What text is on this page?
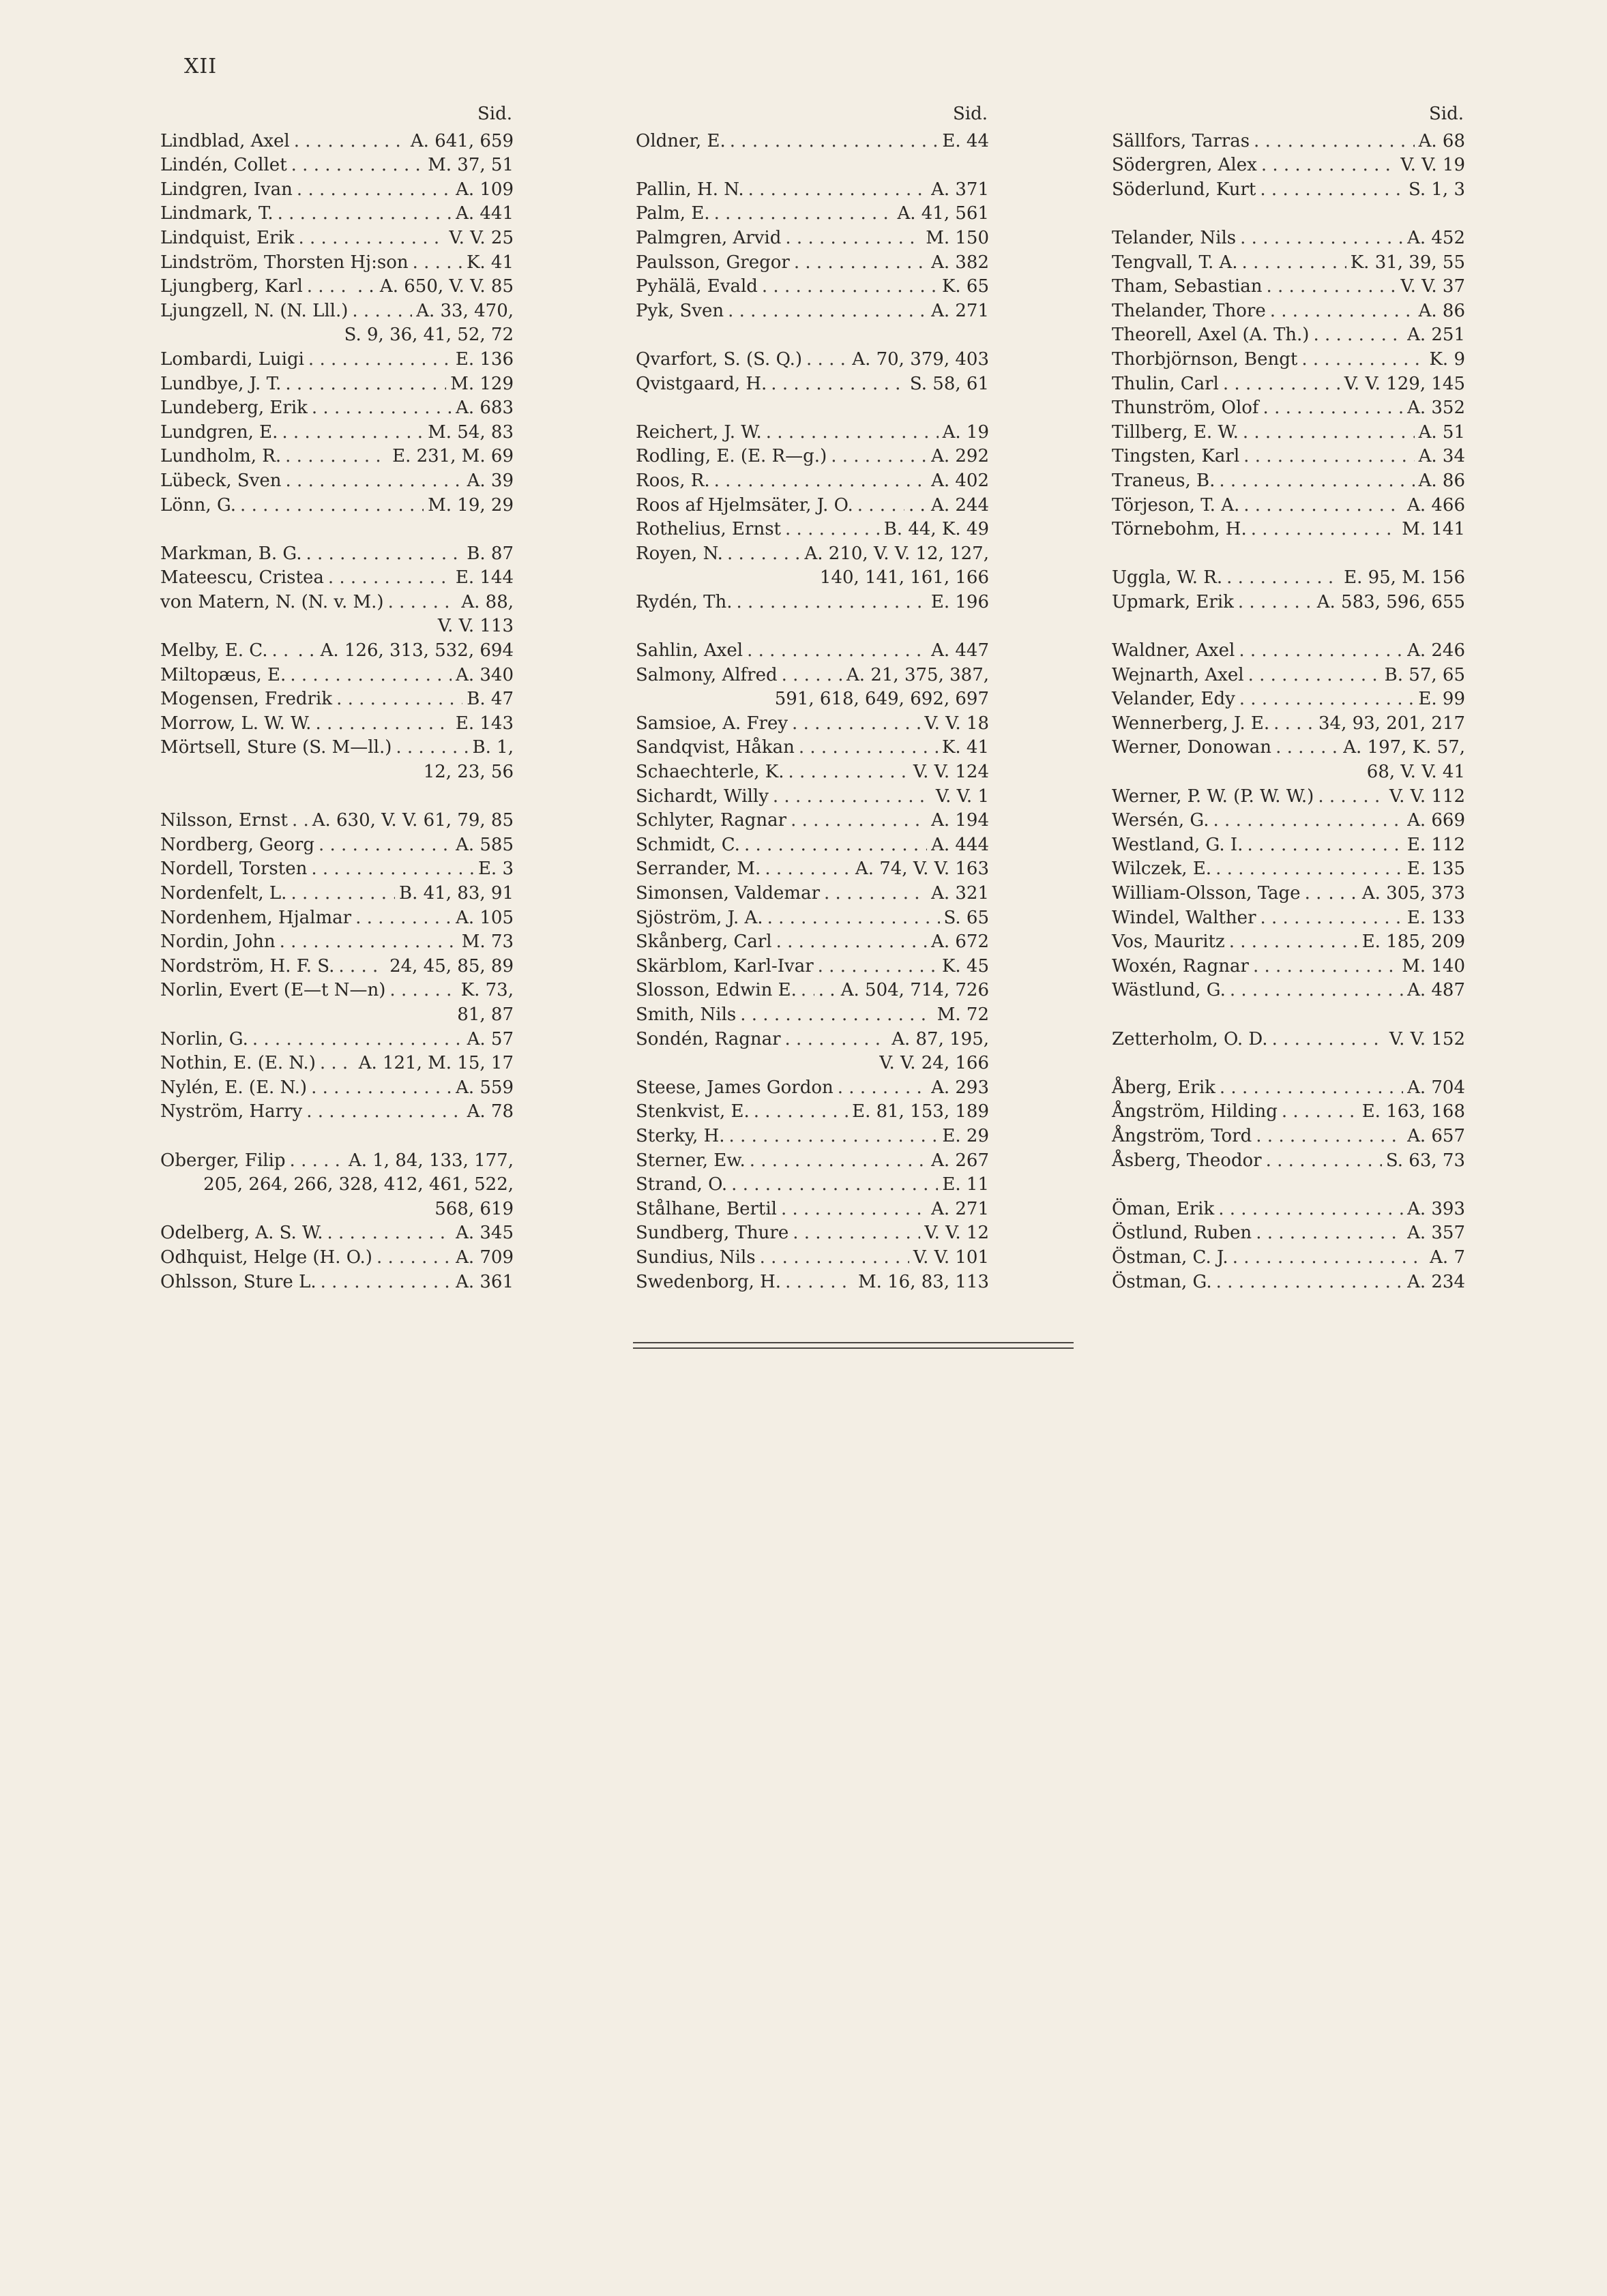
XII
Sid.
Lindblad, Axel . . .	A. 641, 659
Lindén, Collet . . .	M. 37, 51
Lindgren, Ivan . . .	A. 109
Lindmark, T. . . .	A. 441
Lindquist, Erik . . .	V. V. 25
Lindström, Thorsten Hj:son . . .	K. 41
Ljungberg, Karl . . .	. . A. 650, V. V. 85
Ljungzell, N. (N. Lll.) . . .	A. 33, 470,
S. 9, 36, 41, 52, 72
Lombardi, Luigi . . .	E. 136
Lundbye, J. T. . . .	M. 129
Lundeberg, Erik . . .	A. 683
Lundgren, E. . . .	M. 54, 83
Lundholm, R. . . .	E. 231, M. 69
Lübeck, Sven . . .	A. 39
Lönn, G. . . .	M. 19, 29
Markman, B. G. . . .	B. 87
Mateescu, Cristea . . .	E. 144
von Matern, N. (N. v. M.) . . .	A. 88,
V. V. 113
Melby, E. C. . . . . . A. 126, 313, 532, 694
Miltopæus, E. . . .	A. 340
Mogensen, Fredrik . . .	B. 47
Morrow, L. W. W. . . .	E. 143
Mörtsell, Sture (S. M—ll.) . . .	B. 1,
12, 23, 56
Nilsson, Ernst . . . A. 630, V. V. 61, 79, 85
Nordberg, Georg . . .	A. 585
Nordell, Torsten . . .	E. 3
Nordenfelt, L. . . .	B. 41, 83, 91
Nordenhem, Hjalmar . . .	A. 105
Nordin, John . . .	M. 73
Nordström, H. F. S. . . .	24, 45, 85, 89
Norlin, Evert (E—t N—n) . . .	K. 73,
81, 87
Norlin, G. . . .	A. 57
Nothin, E. (E. N.) . . . A. 121, M. 15, 17
Nylén, E. (E. N.) . . .	A. 559
Nyström, Harry . . .	A. 78
Oberger, Filip . . .	A. 1, 84, 133, 177,
205, 264, 266, 328, 412, 461, 522,
568, 619
Odelberg, A. S. W. . . .	A. 345
Odhquist, Helge (H. O.) . . .	A. 709
Ohlsson, Sture L. . . .	A. 361
Sid.
Oldner, E. . . .	E. 44
Pallin, H. N. . . .	A. 371
Palm, E. . . .	A. 41, 561
Palmgren, Arvid . . .	M. 150
Paulsson, Gregor . . .	A. 382
Pyhälä, Evald . . .	K. 65
Pyk, Sven . . .	A. 271
Qvarfort, S. (S. Q.) . . .	A. 70, 379, 403
Qvistgaard, H. . . .	S. 58, 61
Reichert, J. W. . . .	A. 19
Rodling, E. (E. R—g.) . . .	A. 292
Roos, R. . . .	A. 402
Roos af Hjelmsäter, J. O. . . .	. . A. 244
Rothelius, Ernst . . .	B. 44, K. 49
Royen, N. . . .	A. 210, V. V. 12, 127,
140, 141, 161, 166
Rydén, Th. . . .	E. 196
Sahlin, Axel . . .	A. 447
Salmony, Alfred . . .	A. 21, 375, 387,
591, 618, 649, 692, 697
Samsioe, A. Frey . . .	V. V. 18
Sandqvist, Håkan . . .	K. 41
Schaechterle, K. . . .	V. V. 124
Sichardt, Willy . . .	V. V. 1
Schlyter, Ragnar . . .	A. 194
Schmidt, C. . . .	A. 444
Serrander, M. . . .	A. 74, V. V. 163
Simonsen, Valdemar . . .	A. 321
Sjöström, J. A. . . .	S. 65
Skånberg, Carl . . .	A. 672
Skärblom, Karl-Ivar . . .	K. 45
Slosson, Edwin E. . . . . . A. 504, 714, 726
Smith, Nils . . .	M. 72
Sondén, Ragnar . . .	A. 87, 195,
V. V. 24, 166
Steese, James Gordon . . .	A. 293
Stenkvist, E. . . .	E. 81, 153, 189
Sterky, H. . . .	E. 29
Sterner, Ew. . . .	A. 267
Strand, O. . . .	E. 11
Stålhane, Bertil . . .	A. 271
Sundberg, Thure . . .	V. V. 12
Sundius, Nils . . .	V. V. 101
Swedenborg, H. . . .	M. 16, 83, 113
Sid.
Sällfors, Tarras . . .	A. 68
Södergren, Alex . . .	V. V. 19
Söderlund, Kurt . . .	S. 1, 3
Telander, Nils . . .	A. 452
Tengvall, T. A. . . .	K. 31, 39, 55
Tham, Sebastian . . .	V. V. 37
Thelander, Thore . . .	A. 86
Theorell, Axel (A. Th.) . . .	A. 251
Thorbjörnson, Bengt . . .	K. 9
Thulin, Carl . . .	V. V. 129, 145
Thunström, Olof . . .	A. 352
Tillberg, E. W. . . .	A. 51
Tingsten, Karl . . .	A. 34
Traneus, B. . . .	A. 86
Törjeson, T. A. . . .	A. 466
Törnebohm, H. . . .	M. 141
Uggla, W. R. . . .	E. 95, M. 156
Upmark, Erik . . .	A. 583, 596, 655
Waldner, Axel . . .	A. 246
Wejnarth, Axel . . .	B. 57, 65
Velander, Edy . . .	E. 99
Wennerberg, J. E. . . .	34, 93, 201, 217
Werner, Donowan . . .	A. 197, K. 57,
68, V. V. 41
Werner, P. W. (P. W. W.) . . .	V. V. 112
Wersén, G. . . .	A. 669
Westland, G. I. . . .	E. 112
Wilczek, E. . . .	E. 135
William-Olsson, Tage . . . . . . A. 305, 373
Windel, Walther . . .	E. 133
Vos, Mauritz . . .	E. 185, 209
Woxén, Ragnar . . .	M. 140
Wästlund, G. . . .	A. 487
Zetterholm, O. D. . . .	V. V. 152
Åberg, Erik . . .	A. 704
Ångström, Hilding . . .	E. 163, 168
Ångström, Tord . . .	A. 657
Åsberg, Theodor . . .	S. 63, 73
Öman, Erik . . .	A. 393
Östlund, Ruben . . .	A. 357
Östman, C. J. . . .	A. 7
Östman, G. . . .	A. 234
